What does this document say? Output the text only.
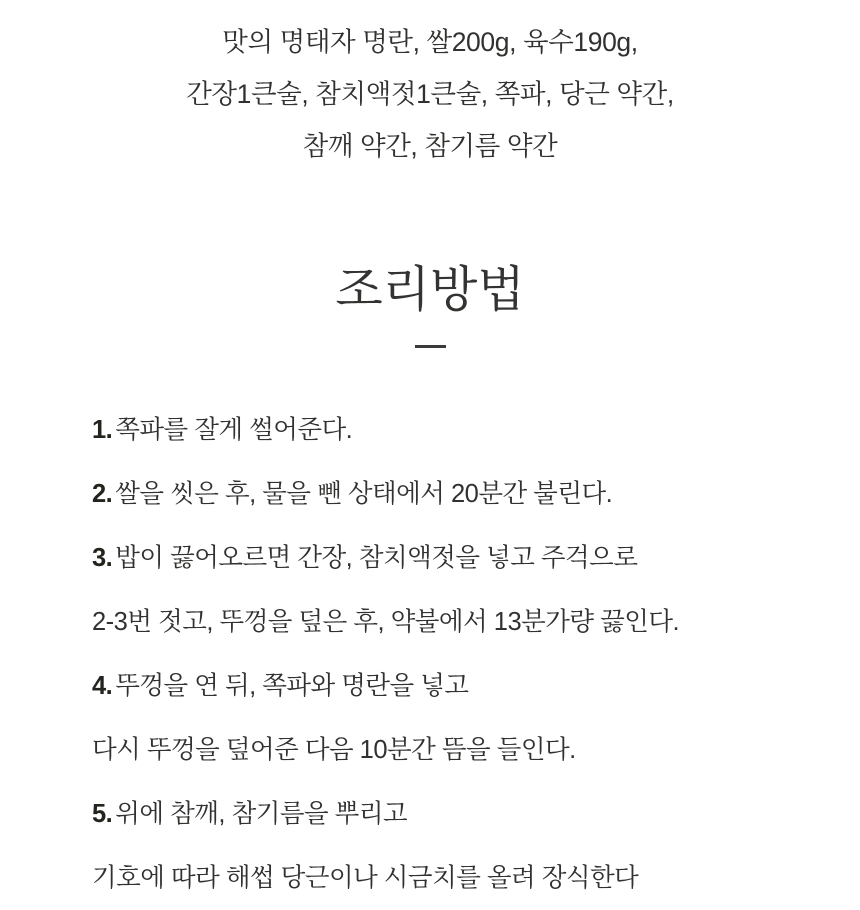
맛의 명태자 명란, 쌀200g, 육수190g,
간장1큰술, 참치액젓1큰술, 쪽파, 당근 약간,
참깨 약간, 참기름 약간
조리방법
1. 쪽파를 잘게 썰어준다.
2. 쌀을 씻은 후, 물을 뺀 상태에서 20분간 불린다.
3. 밥이 끓어오르면 간장, 참치액젓을 넣고 주걱으로
2-3번 젓고, 뚜껑을 덮은 후, 약불에서 13분가량 끓인다.
4. 뚜껑을 연 뒤, 쪽파와 명란을 넣고
다시 뚜껑을 덮어준 다음 10분간 뜸을 들인다.
5. 위에 참깨, 참기름을 뿌리고
기호에 따라 해썹 당근이나 시금치를 올려 장식한다
